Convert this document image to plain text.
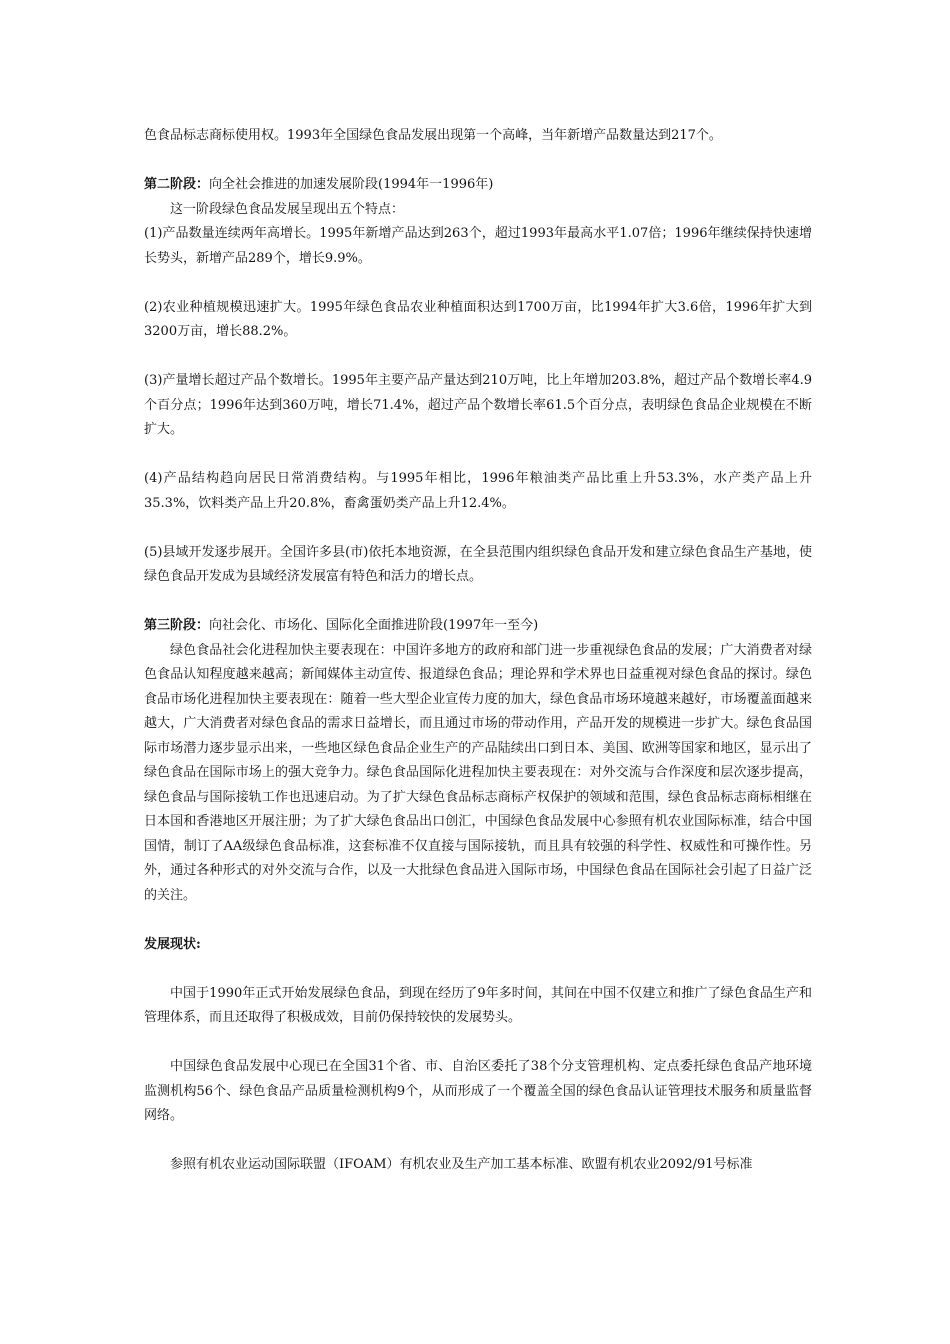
色食品标志商标使用权。1993年全国绿色食品发展出现第一个高峰，当年新增产品数量达到217个。

第二阶段：向全社会推进的加速发展阶段(1994年一1996年)

这一阶段绿色食品发展呈现出五个特点：

(1)产品数量连续两年高增长。1995年新增产品达到263个，超过1993年最高水平1.07倍；1996年继续保持快速增长势头，新增产品289个，增长9.9%。

(2)农业种植规模迅速扩大。1995年绿色食品农业种植面积达到1700万亩，比1994年扩大3.6倍，1996年扩大到3200万亩，增长88.2%。

(3)产量增长超过产品个数增长。1995年主要产品产量达到210万吨，比上年增加203.8%，超过产品个数增长率4.9个百分点；1996年达到360万吨，增长71.4%，超过产品个数增长率61.5个百分点，表明绿色食品企业规模在不断扩大。

(4)产品结构趋向居民日常消费结构。与1995年相比，1996年粮油类产品比重上升53.3%，水产类产品上升35.3%，饮料类产品上升20.8%，畜禽蛋奶类产品上升12.4%。

(5)县域开发逐步展开。全国许多县(市)依托本地资源，在全县范围内组织绿色食品开发和建立绿色食品生产基地，使绿色食品开发成为县域经济发展富有特色和活力的增长点。

第三阶段：向社会化、市场化、国际化全面推进阶段(1997年一至今)

绿色食品社会化进程加快主要表现在：中国许多地方的政府和部门进一步重视绿色食品的发展；广大消费者对绿色食品认知程度越来越高；新闻媒体主动宣传、报道绿色食品；理论界和学术界也日益重视对绿色食品的探讨。绿色食品市场化进程加快主要表现在：随着一些大型企业宣传力度的加大，绿色食品市场环境越来越好，市场覆盖面越来越大，广大消费者对绿色食品的需求日益增长，而且通过市场的带动作用，产品开发的规模进一步扩大。绿色食品国际市场潜力逐步显示出来，一些地区绿色食品企业生产的产品陆续出口到日本、美国、欧洲等国家和地区，显示出了绿色食品在国际市场上的强大竞争力。绿色食品国际化进程加快主要表现在：对外交流与合作深度和层次逐步提高，绿色食品与国际接轨工作也迅速启动。为了扩大绿色食品标志商标产权保护的领域和范围，绿色食品标志商标相继在日本国和香港地区开展注册；为了扩大绿色食品出口创汇，中国绿色食品发展中心参照有机农业国际标准，结合中国国情，制订了AA级绿色食品标准，这套标准不仅直接与国际接轨，而且具有较强的科学性、权威性和可操作性。另外，通过各种形式的对外交流与合作，以及一大批绿色食品进入国际市场，中国绿色食品在国际社会引起了日益广泛的关注。

发展现状:

中国于1990年正式开始发展绿色食品，到现在经历了9年多时间，其间在中国不仅建立和推广了绿色食品生产和管理体系，而且还取得了积极成效，目前仍保持较快的发展势头。

中国绿色食品发展中心现已在全国31个省、市、自治区委托了38个分支管理机构、定点委托绿色食品产地环境监测机构56个、绿色食品产品质量检测机构9个，从而形成了一个覆盖全国的绿色食品认证管理技术服务和质量监督网络。

参照有机农业运动国际联盟（IFOAM）有机农业及生产加工基本标准、欧盟有机农业2092/91号标准
